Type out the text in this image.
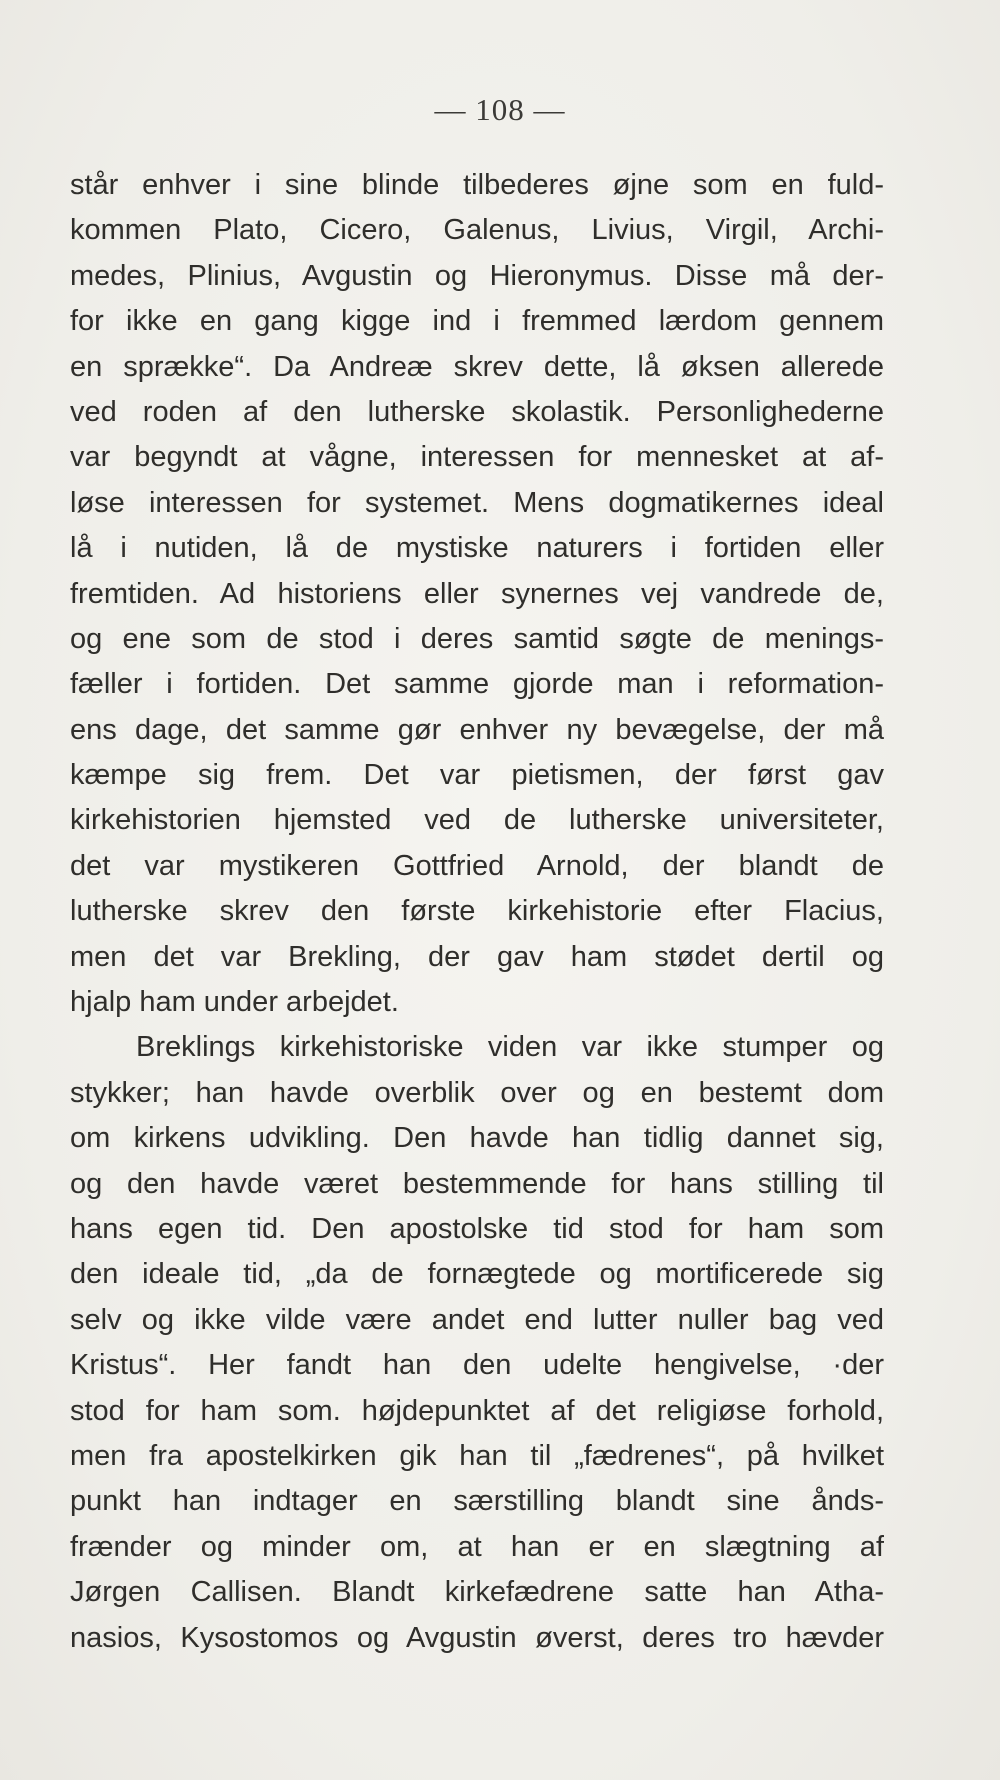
— 108 —
står enhver i sine blinde tilbederes øjne som en fuld-
kommen Plato, Cicero, Galenus, Livius, Virgil, Archi-
medes, Plinius, Avgustin og Hieronymus. Disse må der-
for ikke en gang kigge ind i fremmed lærdom gennem
en sprække“. Da Andreæ skrev dette, lå øksen allerede
ved roden af den lutherske skolastik. Personlighederne
var begyndt at vågne, interessen for mennesket at af-
løse interessen for systemet. Mens dogmatikernes ideal
lå i nutiden, lå de mystiske naturers i fortiden eller
fremtiden. Ad historiens eller synernes vej vandrede de,
og ene som de stod i deres samtid søgte de menings-
fæller i fortiden. Det samme gjorde man i reformation-
ens dage, det samme gør enhver ny bevægelse, der må
kæmpe sig frem. Det var pietismen, der først gav
kirkehistorien hjemsted ved de lutherske universiteter,
det var mystikeren Gottfried Arnold, der blandt de
lutherske skrev den første kirkehistorie efter Flacius,
men det var Brekling, der gav ham stødet dertil og
hjalp ham under arbejdet.
Breklings kirkehistoriske viden var ikke stumper og
stykker; han havde overblik over og en bestemt dom
om kirkens udvikling. Den havde han tidlig dannet sig,
og den havde været bestemmende for hans stilling til
hans egen tid. Den apostolske tid stod for ham som
den ideale tid, „da de fornægtede og mortificerede sig
selv og ikke vilde være andet end lutter nuller bag ved
Kristus“. Her fandt han den udelte hengivelse, ·der
stod for ham som. højdepunktet af det religiøse forhold,
men fra apostelkirken gik han til „fædrenes“, på hvilket
punkt han indtager en særstilling blandt sine ånds-
frænder og minder om, at han er en slægtning af
Jørgen Callisen. Blandt kirkefædrene satte han Atha-
nasios, Kysostomos og Avgustin øverst, deres tro hævder
